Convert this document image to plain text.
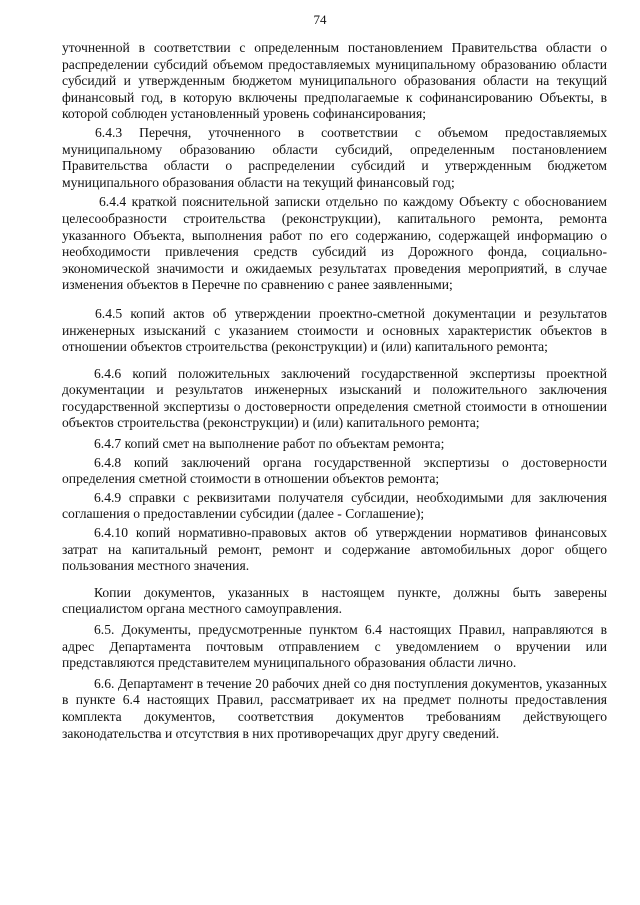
74

уточненной в соответствии с определенным постановлением Правительства области о распределении субсидий объемом предоставляемых муниципальному образованию области субсидий и утвержденным бюджетом муниципального образования области на текущий финансовый год, в которую включены предполагаемые к софинансированию Объекты, в которой соблюден установленный уровень софинансирования;

6.4.3 Перечня, уточненного в соответствии с объемом предоставляемых муниципальному образованию области субсидий, определенным постановлением Правительства области о распределении субсидий и утвержденным бюджетом муниципального образования области на текущий финансовый год;

6.4.4 краткой пояснительной записки отдельно по каждому Объекту с обоснованием целесообразности строительства (реконструкции), капитального ремонта, ремонта указанного Объекта, выполнения работ по его содержанию, содержащей информацию о необходимости привлечения средств субсидий из Дорожного фонда, социально-экономической значимости и ожидаемых результатах проведения мероприятий, в случае изменения объектов в Перечне по сравнению с ранее заявленными;

6.4.5 копий актов об утверждении проектно-сметной документации и результатов инженерных изысканий с указанием стоимости и основных характеристик объектов в отношении объектов строительства (реконструкции) и (или) капитального ремонта;

6.4.6 копий положительных заключений государственной экспертизы проектной документации и результатов инженерных изысканий и положительного заключения государственной экспертизы о достоверности определения сметной стоимости в отношении объектов строительства (реконструкции) и (или) капитального ремонта;

6.4.7 копий смет на выполнение работ по объектам ремонта;

6.4.8 копий заключений органа государственной экспертизы о достоверности определения сметной стоимости в отношении объектов ремонта;

6.4.9 справки с реквизитами получателя субсидии, необходимыми для заключения соглашения о предоставлении субсидии (далее - Соглашение);

6.4.10 копий нормативно-правовых актов об утверждении нормативов финансовых затрат на капитальный ремонт, ремонт и содержание автомобильных дорог общего пользования местного значения.

Копии документов, указанных в настоящем пункте, должны быть заверены специалистом органа местного самоуправления.

6.5. Документы, предусмотренные пунктом 6.4 настоящих Правил, направляются в адрес Департамента почтовым отправлением с уведомлением о вручении или представляются представителем муниципального образования области лично.

6.6. Департамент в течение 20 рабочих дней со дня поступления документов, указанных в пункте 6.4 настоящих Правил, рассматривает их на предмет полноты предоставления комплекта документов, соответствия документов требованиям действующего законодательства и отсутствия в них противоречащих друг другу сведений.
